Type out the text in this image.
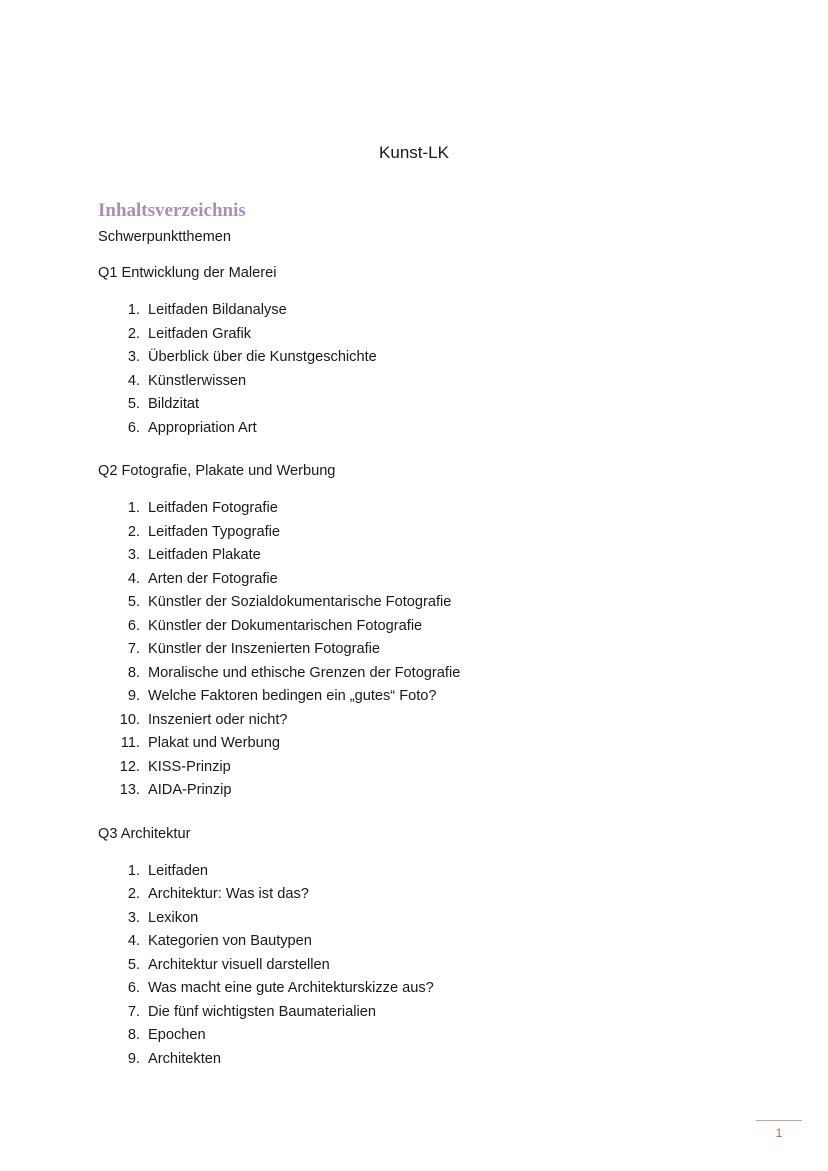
Kunst-LK
Inhaltsverzeichnis

Schwerpunktthemen

Q1 Entwicklung der Malerei

1. Leitfaden Bildanalyse
2. Leitfaden Grafik
3. Überblick über die Kunstgeschichte
4. Künstlerwissen
5. Bildzitat
6. Appropriation Art

Q2 Fotografie, Plakate und Werbung

1. Leitfaden Fotografie
2. Leitfaden Typografie
3. Leitfaden Plakate
4. Arten der Fotografie
5. Künstler der Sozialdokumentarische Fotografie
6. Künstler der Dokumentarischen Fotografie
7. Künstler der Inszenierten Fotografie
8. Moralische und ethische Grenzen der Fotografie
9. Welche Faktoren bedingen ein „gutes“ Foto?
10. Inszeniert oder nicht?
11. Plakat und Werbung
12. KISS-Prinzip
13. AIDA-Prinzip

Q3 Architektur

1. Leitfaden
2. Architektur: Was ist das?
3. Lexikon
4. Kategorien von Bautypen
5. Architektur visuell darstellen
6. Was macht eine gute Architekturskizze aus?
7. Die fünf wichtigsten Baumaterialien
8. Epochen
9. Architekten
1
